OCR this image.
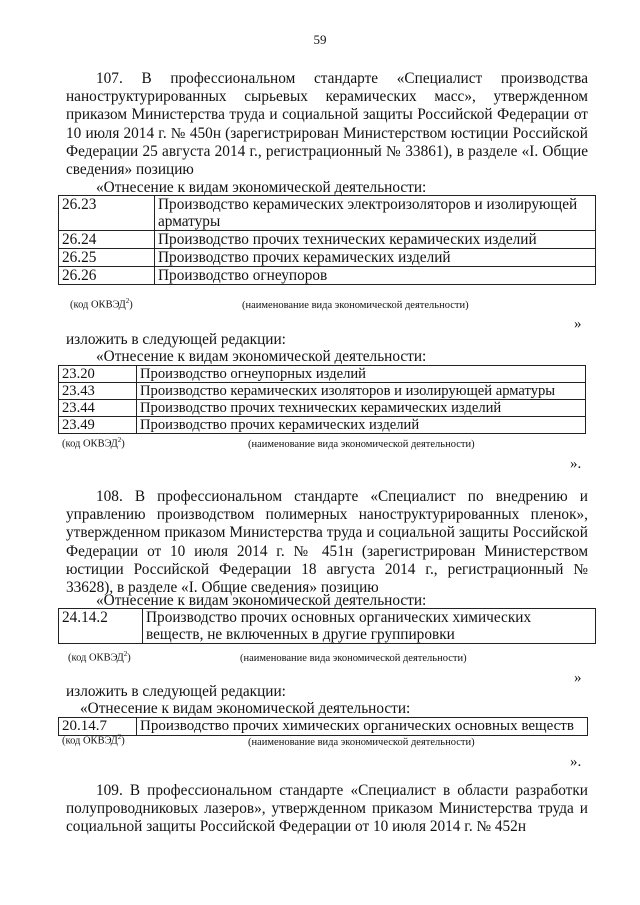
59
107. В профессиональном стандарте «Специалист производства наноструктурированных сырьевых керамических масс», утвержденном приказом Министерства труда и социальной защиты Российской Федерации от 10 июля 2014 г. № 450н (зарегистрирован Министерством юстиции Российской Федерации 25 августа 2014 г., регистрационный № 33861), в разделе «I. Общие сведения» позицию
«Отнесение к видам экономической деятельности:
26.23	Производство керамических электроизоляторов и изолирующей арматуры
26.24	Производство прочих технических керамических изделий
26.25	Производство прочих керамических изделий
26.26	Производство огнеупоров
(код ОКВЭД$^2$)	(наименование вида экономической деятельности)
»
изложить в следующей редакции:
«Отнесение к видам экономической деятельности:
23.20	Производство огнеупорных изделий
23.43	Производство керамических изоляторов и изолирующей арматуры
23.44	Производство прочих технических керамических изделий
23.49	Производство прочих керамических изделий
(код ОКВЭД$^2$)	(наименование вида экономической деятельности)
».
108. В профессиональном стандарте «Специалист по внедрению и управлению производством полимерных наноструктурированных пленок», утвержденном приказом Министерства труда и социальной защиты Российской Федерации от 10 июля 2014 г. № 451н (зарегистрирован Министерством юстиции Российской Федерации 18 августа 2014 г., регистрационный № 33628), в разделе «I. Общие сведения» позицию
«Отнесение к видам экономической деятельности:
24.14.2	Производство прочих основных органических химических веществ, не включенных в другие группировки
(код ОКВЭД$^2$)	(наименование вида экономической деятельности)
»
изложить в следующей редакции:
«Отнесение к видам экономической деятельности:
20.14.7	Производство прочих химических органических основных веществ
(код ОКВЭД$^2$)	(наименование вида экономической деятельности)
».
109. В профессиональном стандарте «Специалист в области разработки полупроводниковых лазеров», утвержденном приказом Министерства труда и социальной защиты Российской Федерации от 10 июля 2014 г. № 452н
